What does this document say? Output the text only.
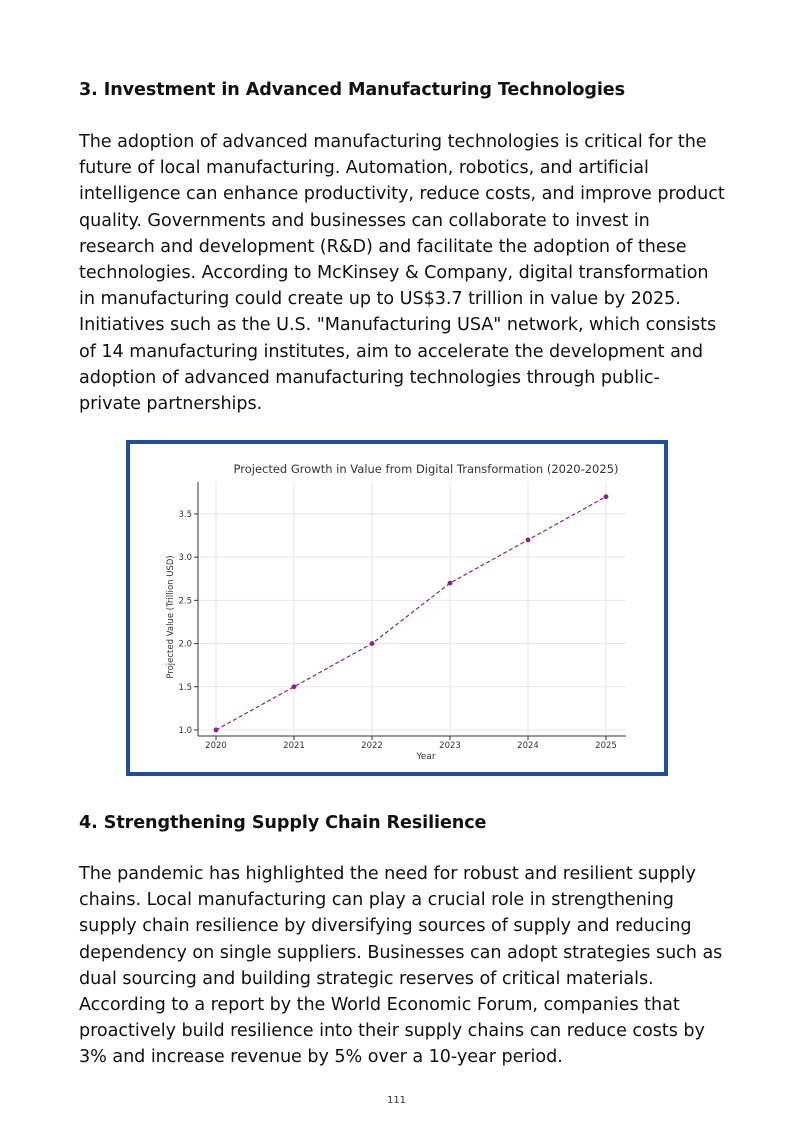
3. Investment in Advanced Manufacturing Technologies

The adoption of advanced manufacturing technologies is critical for the
future of local manufacturing. Automation, robotics, and artificial
intelligence can enhance productivity, reduce costs, and improve product
quality. Governments and businesses can collaborate to invest in
research and development (R&D) and facilitate the adoption of these
technologies. According to McKinsey & Company, digital transformation
in manufacturing could create up to US$3.7 trillion in value by 2025.
Initiatives such as the U.S. "Manufacturing USA" network, which consists
of 14 manufacturing institutes, aim to accelerate the development and
adoption of advanced manufacturing technologies through public-
private partnerships.

1.0
1.5
2.0
2.5
3.0
3.5
2020	2021	2022	2023	2024	2025
Projected Growth in Value from Digital Transformation (2020-2025)
Year
Projected Value (Trillion USD)
4. Strengthening Supply Chain Resilience

The pandemic has highlighted the need for robust and resilient supply
chains. Local manufacturing can play a crucial role in strengthening
supply chain resilience by diversifying sources of supply and reducing
dependency on single suppliers. Businesses can adopt strategies such as
dual sourcing and building strategic reserves of critical materials.
According to a report by the World Economic Forum, companies that
proactively build resilience into their supply chains can reduce costs by
3% and increase revenue by 5% over a 10-year period.

111
